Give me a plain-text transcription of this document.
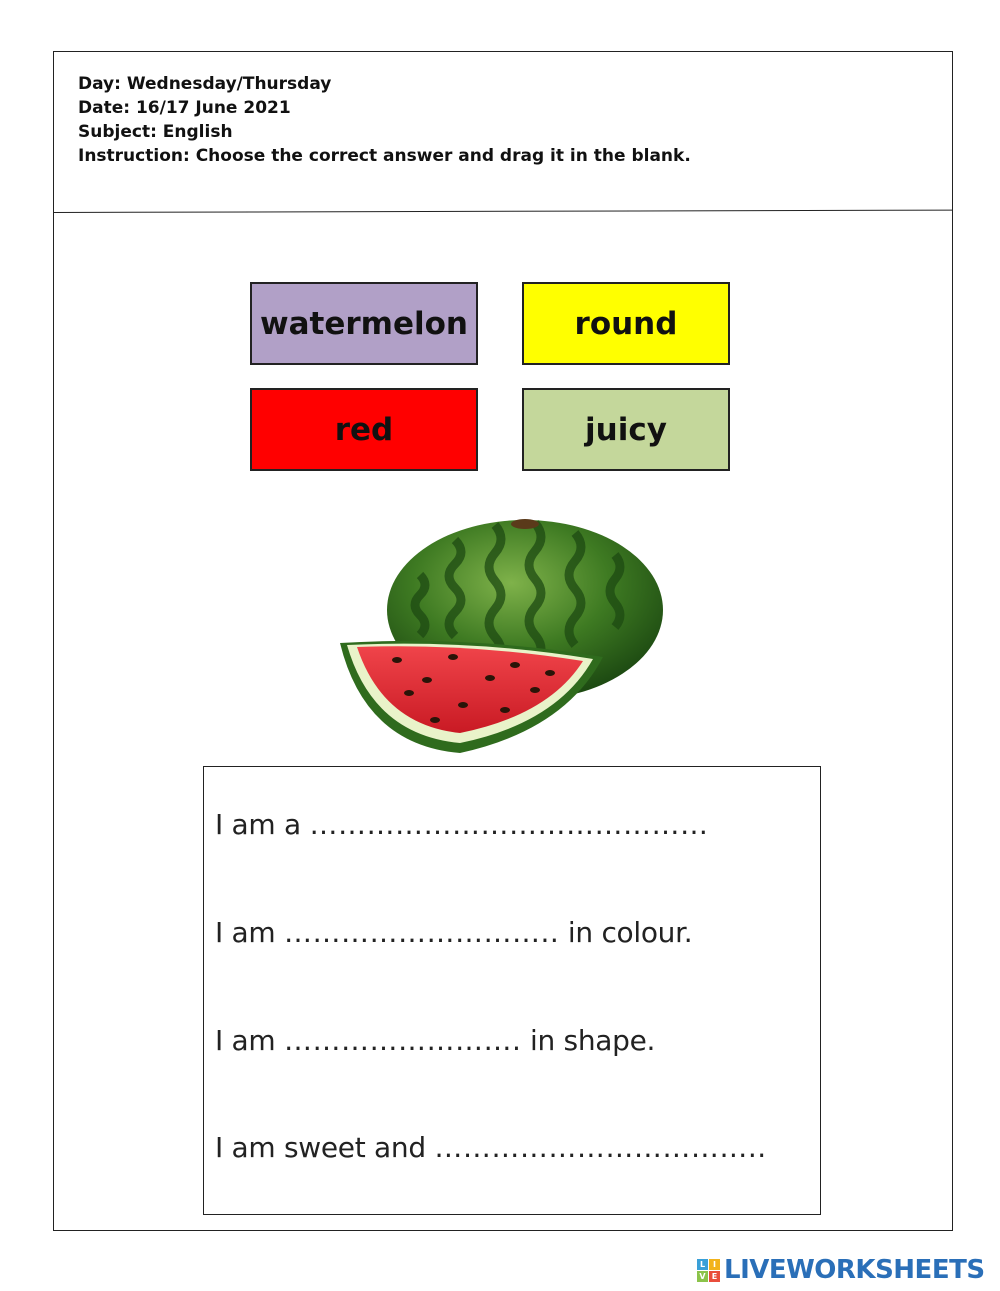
Day: Wednesday/Thursday
Date: 16/17 June 2021
Subject: English
Instruction: Choose the correct answer and drag it in the blank.
watermelon	round
red	juicy
I am a ……………………………………
I am ……………………….. in colour.
I am ……………………. in shape.
I am sweet and ……………………………..
L I
V E LIVEWORKSHEETS
